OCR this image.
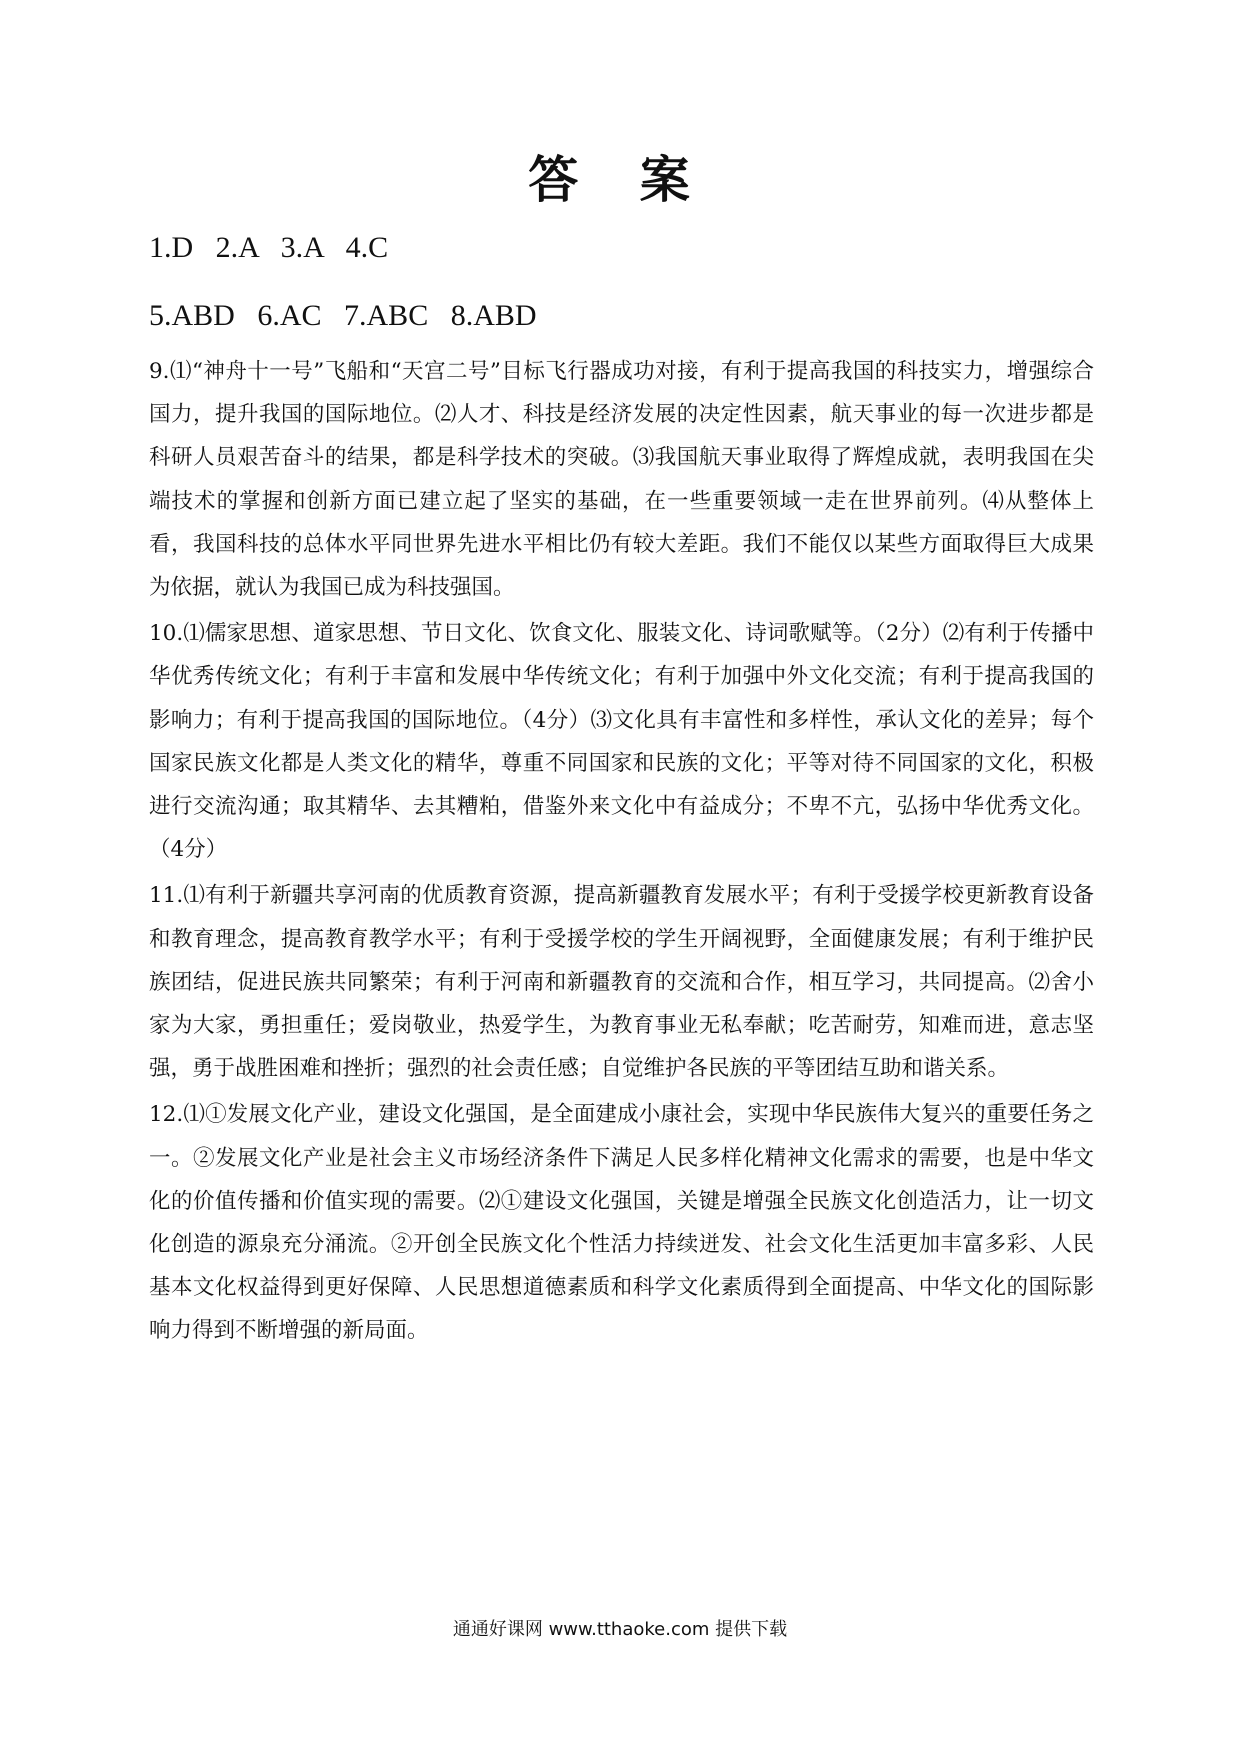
答 案
1.D   2.A   3.A   4.C
5.ABD   6.AC   7.ABC   8.ABD

9.⑴“神舟十一号”飞船和“天宫二号”目标飞行器成功对接，有利于提高我国的科技实力，增强综合国力，提升我国的国际地位。⑵人才、科技是经济发展的决定性因素，航天事业的每一次进步都是科研人员艰苦奋斗的结果，都是科学技术的突破。⑶我国航天事业取得了辉煌成就，表明我国在尖端技术的掌握和创新方面已建立起了坚实的基础，在一些重要领域一走在世界前列。⑷从整体上看，我国科技的总体水平同世界先进水平相比仍有较大差距。我们不能仅以某些方面取得巨大成果为依据，就认为我国已成为科技强国。

10.⑴儒家思想、道家思想、节日文化、饮食文化、服装文化、诗词歌赋等。（2分）⑵有利于传播中华优秀传统文化；有利于丰富和发展中华传统文化；有利于加强中外文化交流；有利于提高我国的影响力；有利于提高我国的国际地位。（4分）⑶文化具有丰富性和多样性，承认文化的差异；每个国家民族文化都是人类文化的精华，尊重不同国家和民族的文化；平等对待不同国家的文化，积极进行交流沟通；取其精华、去其糟粕，借鉴外来文化中有益成分；不卑不亢，弘扬中华优秀文化。（4分）

11.⑴有利于新疆共享河南的优质教育资源，提高新疆教育发展水平；有利于受援学校更新教育设备和教育理念，提高教育教学水平；有利于受援学校的学生开阔视野，全面健康发展；有利于维护民族团结，促进民族共同繁荣；有利于河南和新疆教育的交流和合作，相互学习，共同提高。⑵舍小家为大家，勇担重任；爱岗敬业，热爱学生，为教育事业无私奉献；吃苦耐劳，知难而进，意志坚强，勇于战胜困难和挫折；强烈的社会责任感；自觉维护各民族的平等团结互助和谐关系。

12.⑴①发展文化产业，建设文化强国，是全面建成小康社会，实现中华民族伟大复兴的重要任务之一。②发展文化产业是社会主义市场经济条件下满足人民多样化精神文化需求的需要，也是中华文化的价值传播和价值实现的需要。⑵①建设文化强国，关键是增强全民族文化创造活力，让一切文化创造的源泉充分涌流。②开创全民族文化个性活力持续迸发、社会文化生活更加丰富多彩、人民基本文化权益得到更好保障、人民思想道德素质和科学文化素质得到全面提高、中华文化的国际影响力得到不断增强的新局面。

通通好课网 www.tthaoke.com 提供下载
